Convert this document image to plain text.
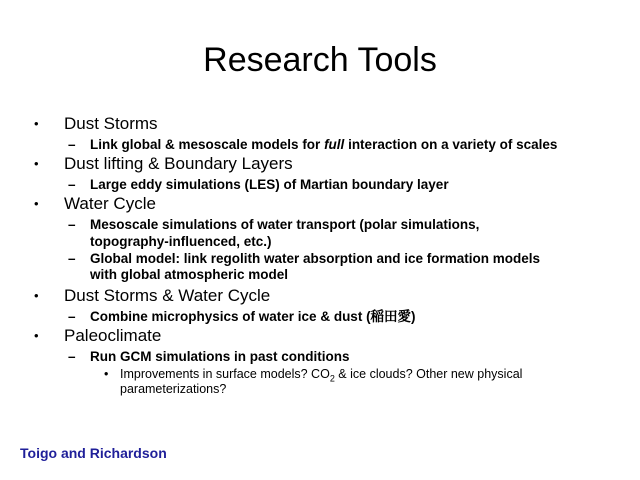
Research Tools
• Dust Storms
– Link global & mesoscale models for full interaction on a variety of scales
• Dust lifting & Boundary Layers
– Large eddy simulations (LES) of Martian boundary layer
• Water Cycle
– Mesoscale simulations of water transport (polar simulations,
topography-influenced, etc.)
– Global model: link regolith water absorption and ice formation models
with global atmospheric model
• Dust Storms & Water Cycle
– Combine microphysics of water ice & dust (稲田愛)
• Paleoclimate
– Run GCM simulations in past conditions
• Improvements in surface models? $CO_2$ & ice clouds? Other new physical
parameterizations?
Toigo and Richardson
